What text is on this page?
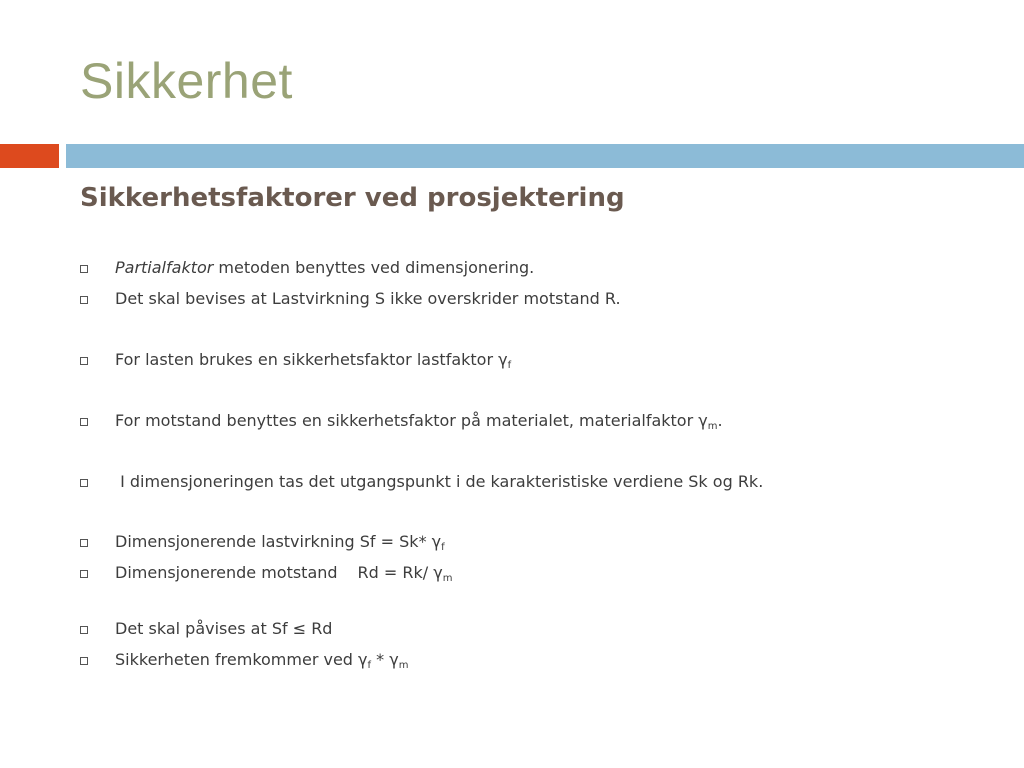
Sikkerhet
Sikkerhetsfaktorer ved prosjektering
Partialfaktor metoden benyttes ved dimensjonering.
Det skal bevises at Lastvirkning S ikke overskrider motstand R.
For lasten brukes en sikkerhetsfaktor lastfaktor $\gamma_f$
For motstand benyttes en sikkerhetsfaktor på materialet, materialfaktor $\gamma_m$.
I dimensjoneringen tas det utgangspunkt i de karakteristiske verdiene Sk og Rk.
Dimensjonerende lastvirkning Sf = Sk* $\gamma_f$
Dimensjonerende motstand Rd = Rk/ $\gamma_m$
Det skal påvises at Sf ≤ Rd
Sikkerheten fremkommer ved $\gamma_f * \gamma_m$
